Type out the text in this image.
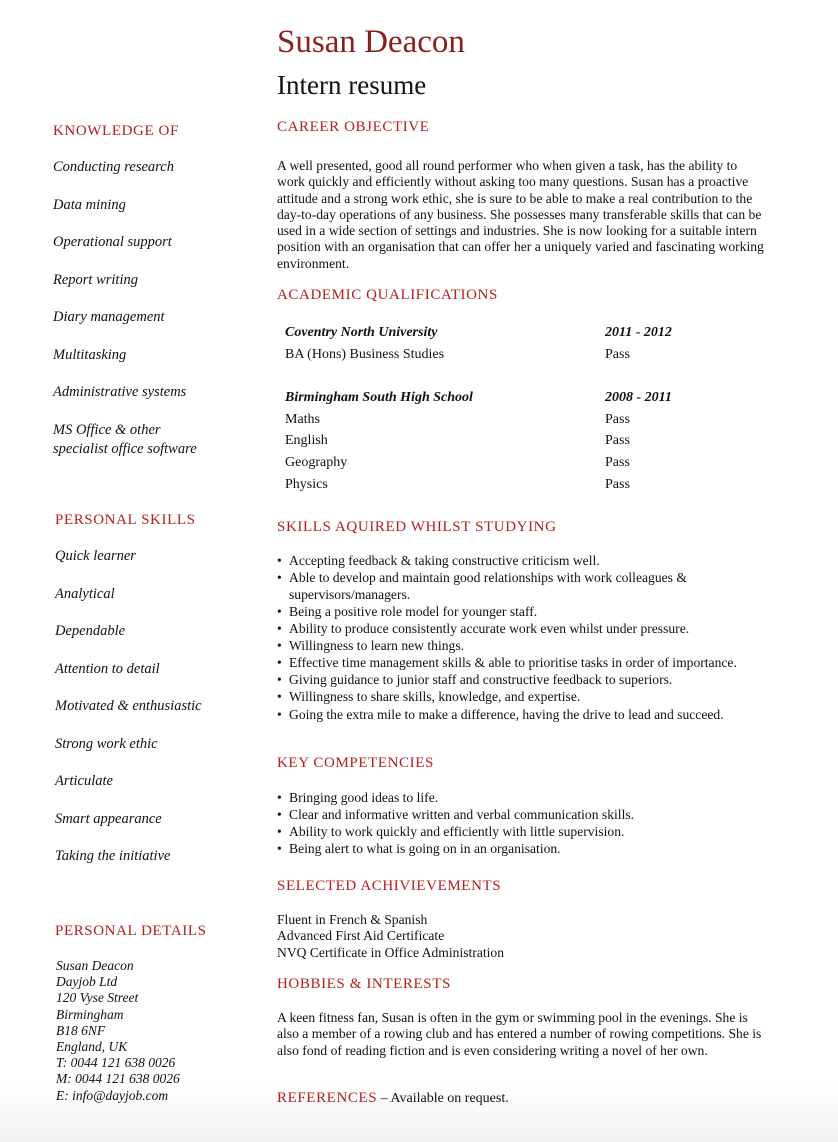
Susan Deacon
Intern resume
KNOWLEDGE OF
Conducting research
Data mining
Operational support
Report writing
Diary management
Multitasking
Administrative systems
MS Office & other
specialist office software
PERSONAL SKILLS
Quick learner
Analytical
Dependable
Attention to detail
Motivated & enthusiastic
Strong work ethic
Articulate
Smart appearance
Taking the initiative
PERSONAL DETAILS
Susan Deacon
Dayjob Ltd
120 Vyse Street
Birmingham
B18 6NF
England, UK
T: 0044 121 638 0026
M: 0044 121 638 0026
E: info@dayjob.com
CAREER OBJECTIVE

A well presented, good all round performer who when given a task, has the ability to work quickly and efficiently without asking too many questions. Susan has a proactive attitude and a strong work ethic, she is sure to be able to make a real contribution to the day-to-day operations of any business. She possesses many transferable skills that can be used in a wide section of settings and industries. She is now looking for a suitable intern position with an organisation that can offer her a uniquely varied and fascinating working environment.

ACADEMIC QUALIFICATIONS
Coventry North University	2011 - 2012
BA (Hons) Business Studies	Pass
Birmingham South High School	2008 - 2011
Maths	Pass
English	Pass
Geography	Pass
Physics	Pass
SKILLS AQUIRED WHILST STUDYING
• Accepting feedback & taking constructive criticism well.
• Able to develop and maintain good relationships with work colleagues & supervisors/managers.
• Being a positive role model for younger staff.
• Ability to produce consistently accurate work even whilst under pressure.
• Willingness to learn new things.
• Effective time management skills & able to prioritise tasks in order of importance.
• Giving guidance to junior staff and constructive feedback to superiors.
• Willingness to share skills, knowledge, and expertise.
• Going the extra mile to make a difference, having the drive to lead and succeed.
KEY COMPETENCIES
• Bringing good ideas to life.
• Clear and informative written and verbal communication skills.
• Ability to work quickly and efficiently with little supervision.
• Being alert to what is going on in an organisation.
SELECTED ACHIVIEVEMENTS
Fluent in French & Spanish
Advanced First Aid Certificate
NVQ Certificate in Office Administration
HOBBIES & INTERESTS

A keen fitness fan, Susan is often in the gym or swimming pool in the evenings. She is also a member of a rowing club and has entered a number of rowing competitions. She is also fond of reading fiction and is even considering writing a novel of her own.

REFERENCES – Available on request.
